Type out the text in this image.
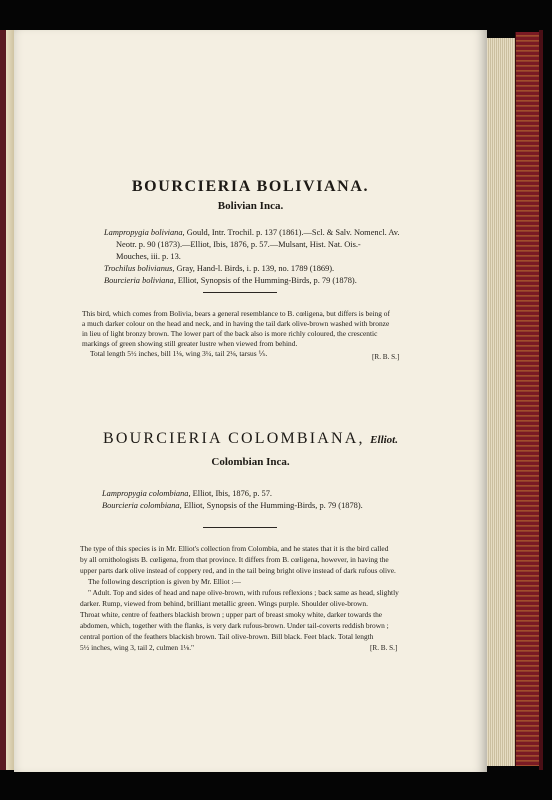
BOURCIERIA BOLIVIANA.
Bolivian Inca.
Lampropygia boliviana, Gould, Intr. Trochil. p. 137 (1861).—Scl. & Salv. Nomencl. Av.
Neotr. p. 90 (1873).—Elliot, Ibis, 1876, p. 57.—Mulsant, Hist. Nat. Ois.-
Mouches, iii. p. 13.
Trochilus bolivianus, Gray, Hand-l. Birds, i. p. 139, no. 1789 (1869).
Bourcieria boliviana, Elliot, Synopsis of the Humming-Birds, p. 79 (1878).
This bird, which comes from Bolivia, bears a general resemblance to B. cœligena, but differs is being of
a much darker colour on the head and neck, and in having the tail dark olive-brown washed with bronze
in lieu of light bronzy brown. The lower part of the back also is more richly coloured, the crescentic
markings of green showing still greater lustre when viewed from behind.
Total length 5½ inches, bill 1⅛, wing 3¼, tail 2⅛, tarsus ⅕.	[R. B. S.]
BOURCIERIA COLOMBIANA, Elliot.
Colombian Inca.
Lampropygia colombiana, Elliot, Ibis, 1876, p. 57.
Bourcieria colombiana, Elliot, Synopsis of the Humming-Birds, p. 79 (1878).
The type of this species is in Mr. Elliot's collection from Colombia, and he states that it is the bird called
by all ornithologists B. cœligena, from that province. It differs from B. cœligena, however, in having the
upper parts dark olive instead of coppery red, and in the tail being bright olive instead of dark rufous olive.
The following description is given by Mr. Elliot :—
" Adult. Top and sides of head and nape olive-brown, with rufous reflexions ; back same as head, slightly
darker. Rump, viewed from behind, brilliant metallic green. Wings purple. Shoulder olive-brown.
Throat white, centre of feathers blackish brown ; upper part of breast smoky white, darker towards the
abdomen, which, together with the flanks, is very dark rufous-brown. Under tail-coverts reddish brown ;
central portion of the feathers blackish brown. Tail olive-brown. Bill black. Feet black. Total length
5½ inches, wing 3, tail 2, culmen 1⅛."	[R. B. S.]
